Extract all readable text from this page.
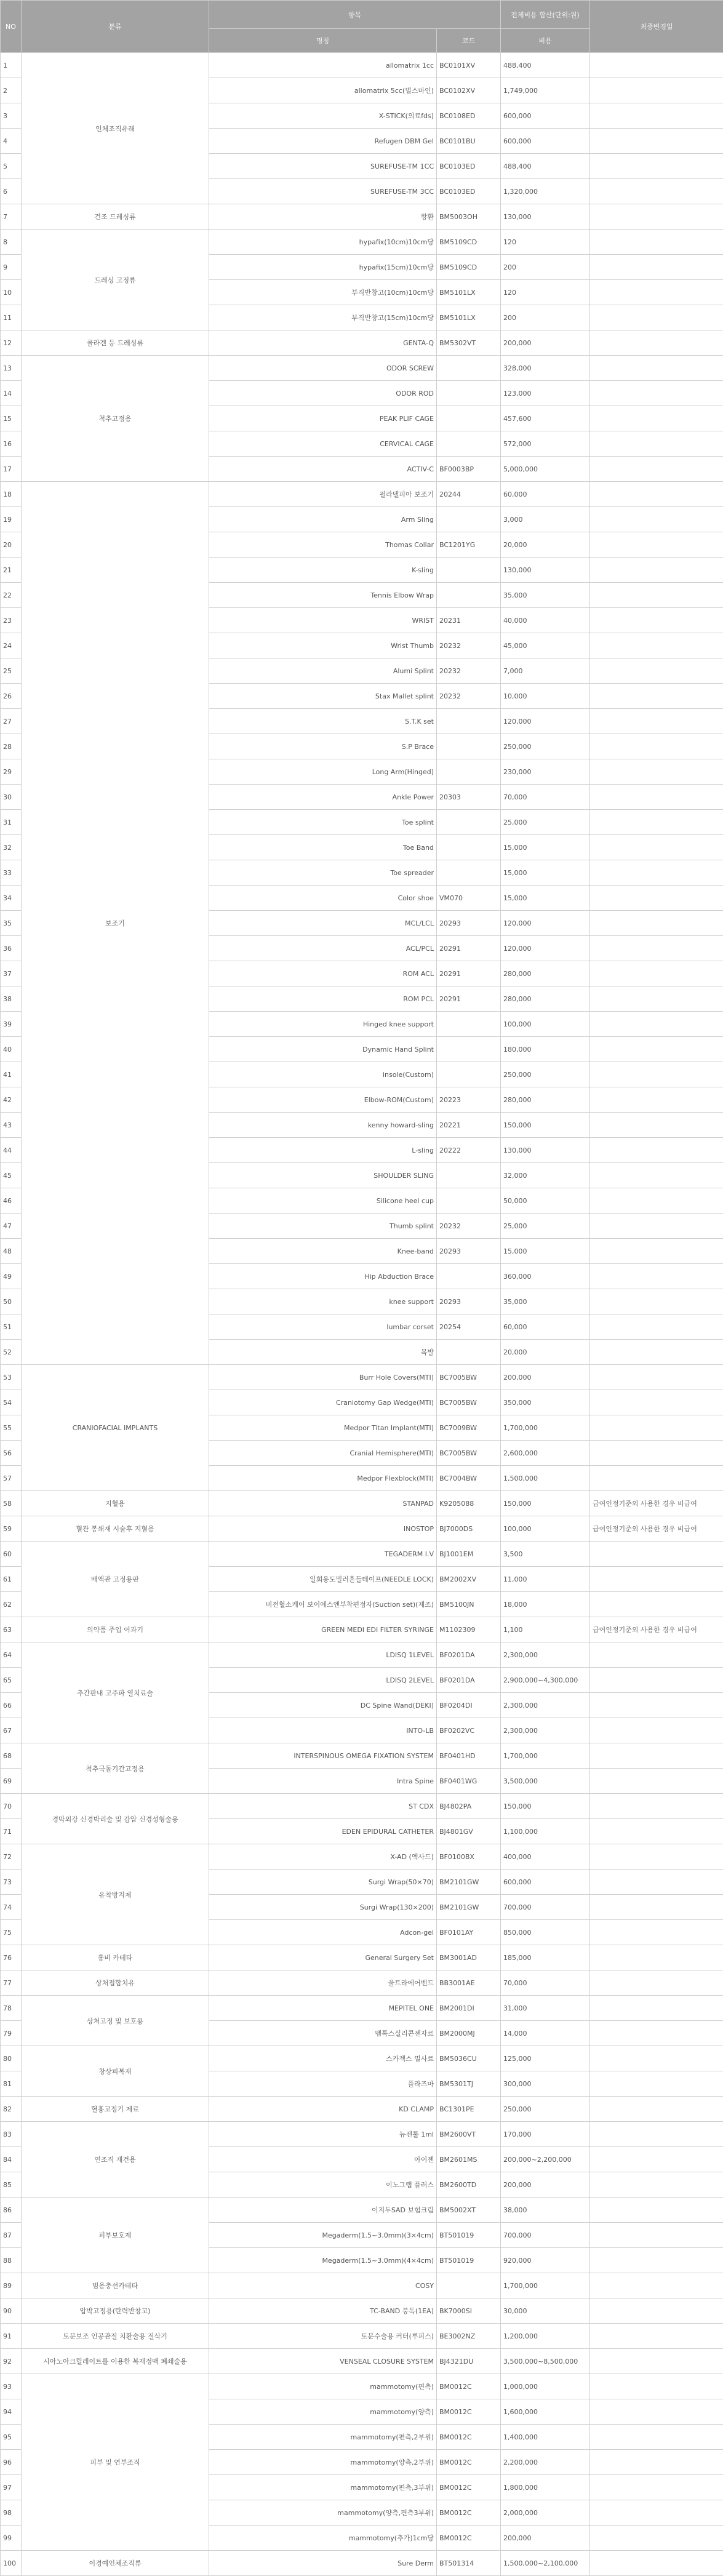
NO	분류	항목		전체비용 합산(단위:원)	최종변경일
		명칭	코드	비용	
1	인체조직유래	allomatrix 1cc	BC0101XV	488,400	
2		allomatrix 5cc(벌스마인)	BC0102XV	1,749,000	
3		X-STICK(의료fds)	BC0108ED	600,000	
4		Refugen DBM Gel	BC0101BU	600,000	
5		SUREFUSE-TM 1CC	BC0103ED	488,400	
6		SUREFUSE-TM 3CC	BC0103ED	1,320,000	
7	건조 드레싱류	왕환	BM5003OH	130,000	
8	드레싱 고정류	hypafix(10cm)10cm당	BM5109CD	120	
9		hypafix(15cm)10cm당	BM5109CD	200	
10		부직반창고(10cm)10cm당	BM5101LX	120	
11		부직반창고(15cm)10cm당	BM5101LX	200	
12	콜라겐 등 드레싱류	GENTA-Q	BM5302VT	200,000	
13	척추고정용	ODOR SCREW		328,000	
14		ODOR ROD		123,000	
15		PEAK PLIF CAGE		457,600	
16		CERVICAL CAGE		572,000	
17		ACTIV-C	BF0003BP	5,000,000	
18	보조기	필라델피아 보조기	20244	60,000	
19		Arm Sling		3,000	
20		Thomas Collar	BC1201YG	20,000	
21		K-sling		130,000	
22		Tennis Elbow Wrap		35,000	
23		WRIST	20231	40,000	
24		Wrist Thumb	20232	45,000	
25		Alumi Splint	20232	7,000	
26		Stax Mallet splint	20232	10,000	
27		S.T.K set		120,000	
28		S.P Brace		250,000	
29		Long Arm(Hinged)		230,000	
30		Ankle Power	20303	70,000	
31		Toe splint		25,000	
32		Toe Band		15,000	
33		Toe spreader		15,000	
34		Color shoe	VM070	15,000	
35		MCL/LCL	20293	120,000	
36		ACL/PCL	20291	120,000	
37		ROM ACL	20291	280,000	
38		ROM PCL	20291	280,000	
39		Hinged knee support		100,000	
40		Dynamic Hand Splint		180,000	
41		insole(Custom)		250,000	
42		Elbow-ROM(Custom)	20223	280,000	
43		kenny howard-sling	20221	150,000	
44		L-sling	20222	130,000	
45		SHOULDER SLING		32,000	
46		Silicone heel cup		50,000	
47		Thumb splint	20232	25,000	
48		Knee-band	20293	15,000	
49		Hip Abduction Brace		360,000	
50		knee support	20293	35,000	
51		lumbar corset	20254	60,000	
52		목발		20,000	
53	CRANIOFACIAL IMPLANTS	Burr Hole Covers(MTI)	BC7005BW	200,000	
54		Craniotomy Gap Wedge(MTI)	BC7005BW	350,000	
55		Medpor Titan Implant(MTI)	BC7009BW	1,700,000	
56		Cranial Hemisphere(MTI)	BC7005BW	2,600,000	
57		Medpor Flexblock(MTI)	BC7004BW	1,500,000	
58	지혈용	STANPAD	K9205088	150,000	급여인정기준외 사용한 경우 비급여
59	혈관 봉쇄재 시술후 지혈용	INOSTOP	BJ7000DS	100,000	급여인정기준외 사용한 경우 비급여
60	배액관 고정용판	TEGADERM I.V	BJ1001EM	3,500	
61		일회용도밀러흔들테이프(NEEDLE LOCK)	BM2002XV	11,000	
62		비전혈소케어 보이에스엔부착편정자(Suction set)(제조)	BM5100JN	18,000	
63	의약품 주입 여과기	GREEN MEDI EDI FILTER SYRINGE	M1102309	1,100	급여인정기준외 사용한 경우 비급여
64	추간판내 고주파 열치료술	LDISQ 1LEVEL	BF0201DA	2,300,000	
65		LDISQ 2LEVEL	BF0201DA	2,900,000~4,300,000	
66		DC Spine Wand(DEKI)	BF0204DI	2,300,000	
67		INTO-LB	BF0202VC	2,300,000	
68	척추극돌기간고정용	INTERSPINOUS OMEGA FIXATION SYSTEM	BF0401HD	1,700,000	
69		Intra Spine	BF0401WG	3,500,000	
70	경막외강 신경박리술 및 감압 신경성형술용	ST CDX	BJ4802PA	150,000	
71		EDEN EPIDURAL CATHETER	BJ4801GV	1,100,000	
72	유착방지제	X-AD (엑사드)	BF0100BX	400,000	
73		Surgi Wrap(50×70)	BM2101GW	600,000	
74		Surgi Wrap(130×200)	BM2101GW	700,000	
75		Adcon-gel	BF0101AY	850,000	
76	흉비 카테타	General Surgery Set	BM3001AD	185,000	
77	상처접합치유	울트라에어밴드	BB3001AE	70,000	
78	상처고정 및 보호용	MEPITEL ONE	BM2001DI	31,000	
79		멤톡스실리콘젠자르	BM2000MJ	14,000	
80	창상피복재	스카젝스 멀사르	BM5036CU	125,000	
81		플라즈마	BM5301TJ	300,000	
82	혈흉고정기 제료	KD CLAMP	BC1301PE	250,000	
83	연조직 재건용	뉴젠툴 1ml	BM2600VT	170,000	
84		아이젠	BM2601MS	200,000~2,200,000	
85		이노그랩 플러스	BM2600TD	200,000	
86	피부보호제	이지두SAD 보험크림	BM5002XT	38,000	
87		Megaderm(1.5~3.0mm)(3×4cm)	BT501019	700,000	
88		Megaderm(1.5~3.0mm)(4×4cm)	BT501019	920,000	
89	범용충선카테타	COSY		1,700,000	
90	압박고정용(탄력반창고)	TC-BAND 붕독(1EA)	BK7000SI	30,000	
91	토분보조 인공관절 치환술용 절삭기	토분수술용 커터(루피스)	BE3002NZ	1,200,000	
92	시아노아크릴레이트를 이용한 복재정맥 폐쇄술용	VENSEAL CLOSURE SYSTEM	BJ4321DU	3,500,000~8,500,000	
93	피부 및 연부조직	mammotomy(편측)	BM0012C	1,000,000	
94		mammotomy(양측)	BM0012C	1,600,000	
95		mammotomy(편측,2부위)	BM0012C	1,400,000	
96		mammotomy(양측,2부위)	BM0012C	2,200,000	
97		mammotomy(편측,3부위)	BM0012C	1,800,000	
98		mammotomy(양측,편측3부위)	BM0012C	2,000,000	
99		mammotomy(추가)1cm당	BM0012C	200,000	
100	이경예인체조직류	Sure Derm	BT501314	1,500,000~2,100,000	
